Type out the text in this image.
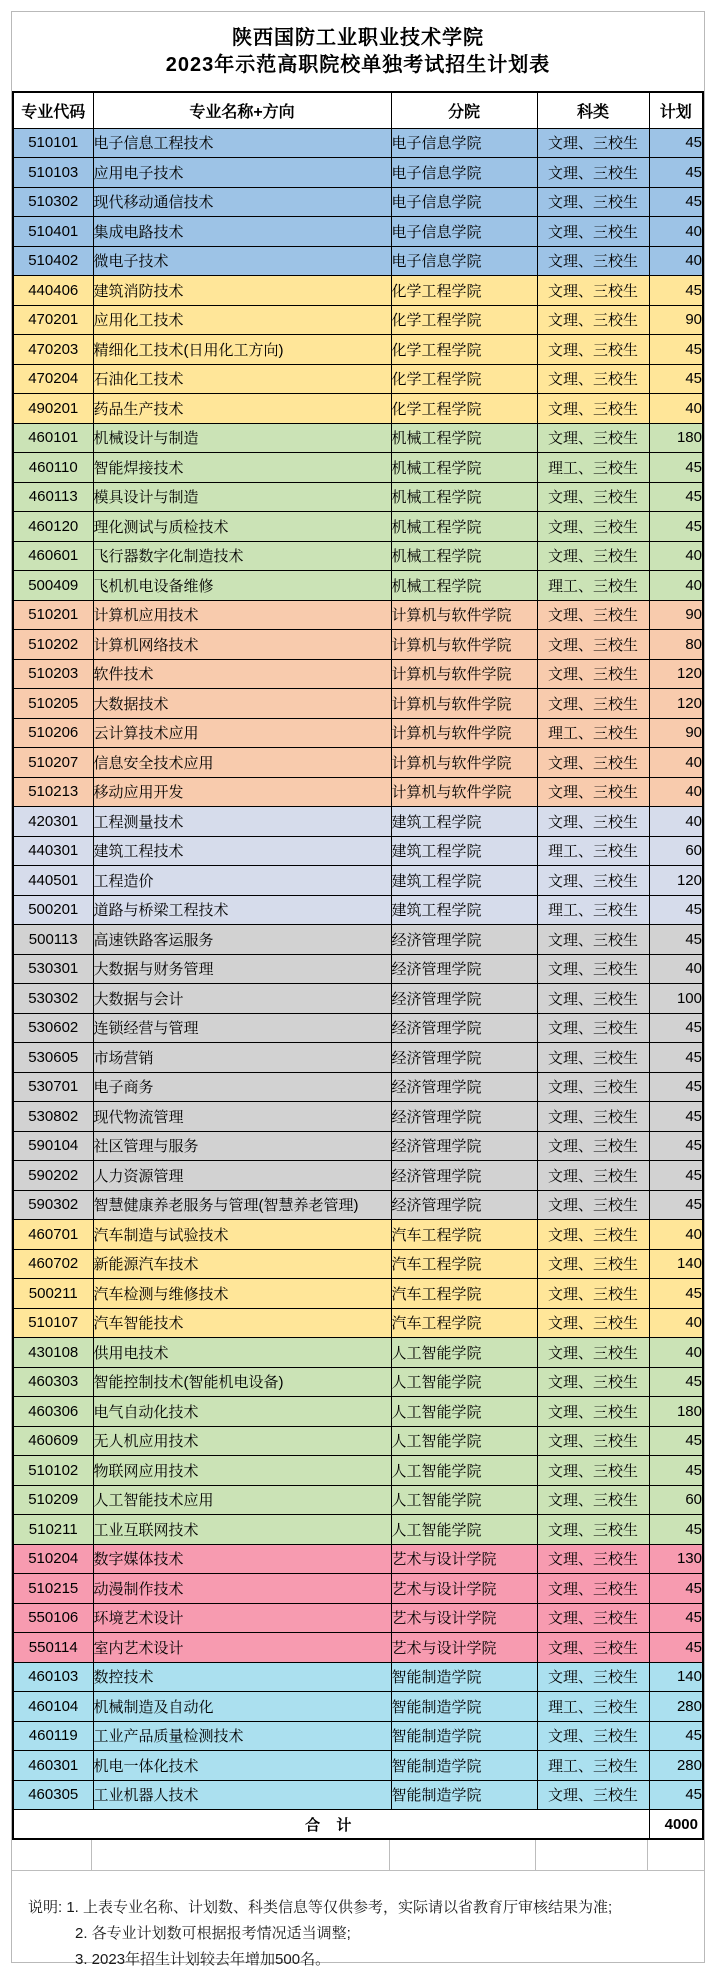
陕西国防工业职业技术学院
2023年示范高职院校单独考试招生计划表
专业代码	专业名称+方向	分院	科类	计划
510101	电子信息工程技术	电子信息学院	文理、三校生	45
510103	应用电子技术	电子信息学院	文理、三校生	45
510302	现代移动通信技术	电子信息学院	文理、三校生	45
510401	集成电路技术	电子信息学院	文理、三校生	40
510402	微电子技术	电子信息学院	文理、三校生	40
440406	建筑消防技术	化学工程学院	文理、三校生	45
470201	应用化工技术	化学工程学院	文理、三校生	90
470203	精细化工技术(日用化工方向)	化学工程学院	文理、三校生	45
470204	石油化工技术	化学工程学院	文理、三校生	45
490201	药品生产技术	化学工程学院	文理、三校生	40
460101	机械设计与制造	机械工程学院	文理、三校生	180
460110	智能焊接技术	机械工程学院	理工、三校生	45
460113	模具设计与制造	机械工程学院	文理、三校生	45
460120	理化测试与质检技术	机械工程学院	文理、三校生	45
460601	飞行器数字化制造技术	机械工程学院	文理、三校生	40
500409	飞机机电设备维修	机械工程学院	理工、三校生	40
510201	计算机应用技术	计算机与软件学院	文理、三校生	90
510202	计算机网络技术	计算机与软件学院	文理、三校生	80
510203	软件技术	计算机与软件学院	文理、三校生	120
510205	大数据技术	计算机与软件学院	文理、三校生	120
510206	云计算技术应用	计算机与软件学院	理工、三校生	90
510207	信息安全技术应用	计算机与软件学院	文理、三校生	40
510213	移动应用开发	计算机与软件学院	文理、三校生	40
420301	工程测量技术	建筑工程学院	文理、三校生	40
440301	建筑工程技术	建筑工程学院	理工、三校生	60
440501	工程造价	建筑工程学院	文理、三校生	120
500201	道路与桥梁工程技术	建筑工程学院	理工、三校生	45
500113	高速铁路客运服务	经济管理学院	文理、三校生	45
530301	大数据与财务管理	经济管理学院	文理、三校生	40
530302	大数据与会计	经济管理学院	文理、三校生	100
530602	连锁经营与管理	经济管理学院	文理、三校生	45
530605	市场营销	经济管理学院	文理、三校生	45
530701	电子商务	经济管理学院	文理、三校生	45
530802	现代物流管理	经济管理学院	文理、三校生	45
590104	社区管理与服务	经济管理学院	文理、三校生	45
590202	人力资源管理	经济管理学院	文理、三校生	45
590302	智慧健康养老服务与管理(智慧养老管理)	经济管理学院	文理、三校生	45
460701	汽车制造与试验技术	汽车工程学院	文理、三校生	40
460702	新能源汽车技术	汽车工程学院	文理、三校生	140
500211	汽车检测与维修技术	汽车工程学院	文理、三校生	45
510107	汽车智能技术	汽车工程学院	文理、三校生	40
430108	供用电技术	人工智能学院	文理、三校生	40
460303	智能控制技术(智能机电设备)	人工智能学院	文理、三校生	45
460306	电气自动化技术	人工智能学院	文理、三校生	180
460609	无人机应用技术	人工智能学院	文理、三校生	45
510102	物联网应用技术	人工智能学院	文理、三校生	45
510209	人工智能技术应用	人工智能学院	文理、三校生	60
510211	工业互联网技术	人工智能学院	文理、三校生	45
510204	数字媒体技术	艺术与设计学院	文理、三校生	130
510215	动漫制作技术	艺术与设计学院	文理、三校生	45
550106	环境艺术设计	艺术与设计学院	文理、三校生	45
550114	室内艺术设计	艺术与设计学院	文理、三校生	45
460103	数控技术	智能制造学院	文理、三校生	140
460104	机械制造及自动化	智能制造学院	理工、三校生	280
460119	工业产品质量检测技术	智能制造学院	文理、三校生	45
460301	机电一体化技术	智能制造学院	理工、三校生	280
460305	工业机器人技术	智能制造学院	文理、三校生	45
合 计				4000
说明: 1. 上表专业名称、计划数、科类信息等仅供参考，实际请以省教育厅审核结果为准;
2. 各专业计划数可根据报考情况适当调整;
3. 2023年招生计划较去年增加500名。
